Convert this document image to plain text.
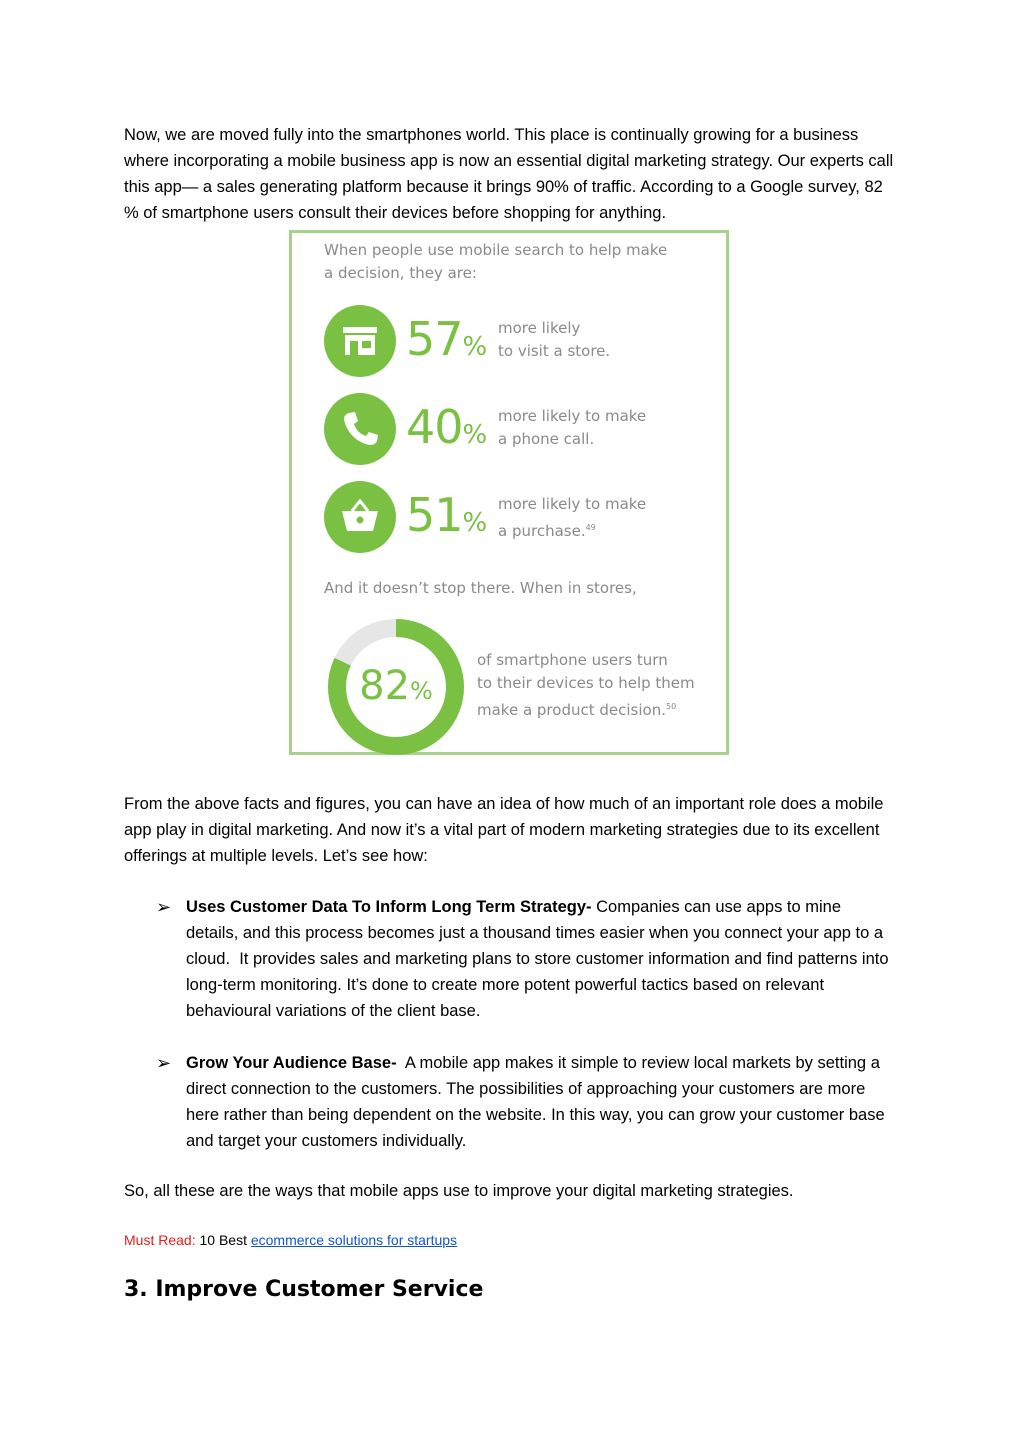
Now, we are moved fully into the smartphones world. This place is continually growing for a business where incorporating a mobile business app is now an essential digital marketing strategy. Our experts call this app— a sales generating platform because it brings 90% of traffic. According to a Google survey, 82 % of smartphone users consult their devices before shopping for anything.

When people use mobile search to help make
a decision, they are:
57%
more likely
to visit a store.
40%
more likely to make
a phone call.
51%
more likely to make
a purchase.$^{49}$
And it doesn’t stop there. When in stores,
82%
of smartphone users turn
to their devices to help them
make a product decision.$^{50}$

From the above facts and figures, you can have an idea of how much of an important role does a mobile app play in digital marketing. And now it’s a vital part of modern marketing strategies due to its excellent offerings at multiple levels. Let’s see how:

➢ Uses Customer Data To Inform Long Term Strategy- Companies can use apps to mine details, and this process becomes just a thousand times easier when you connect your app to a cloud.  It provides sales and marketing plans to store customer information and find patterns into long-term monitoring. It’s done to create more potent powerful tactics based on relevant behavioural variations of the client base.
➢ Grow Your Audience Base-  A mobile app makes it simple to review local markets by setting a direct connection to the customers. The possibilities of approaching your customers are more here rather than being dependent on the website. In this way, you can grow your customer base and target your customers individually.

So, all these are the ways that mobile apps use to improve your digital marketing strategies.

Must Read: 10 Best ecommerce solutions for startups
3. Improve Customer Service
